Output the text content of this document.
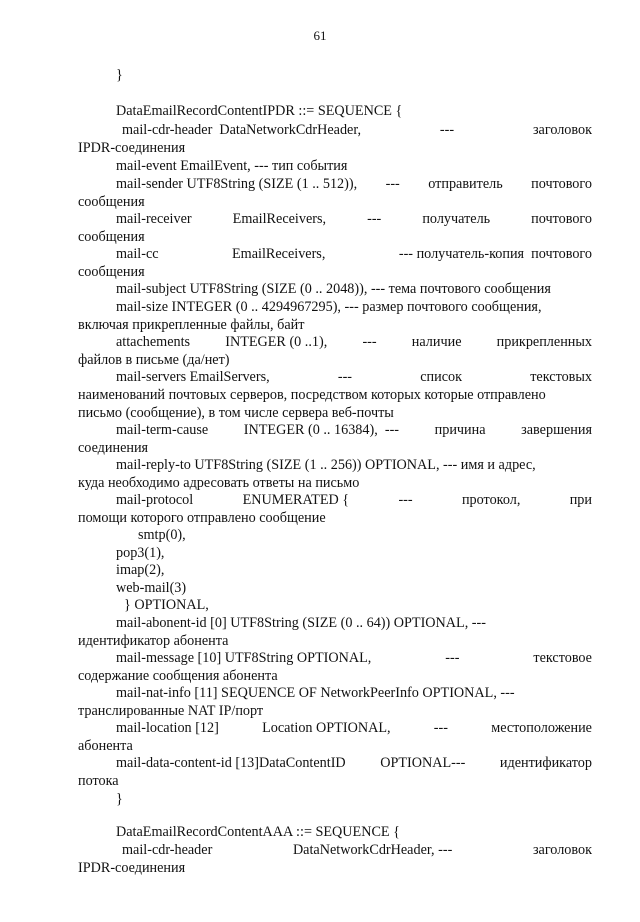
61
}
DataEmailRecordContentIPDR ::= SEQUENCE {
mail-cdr-header  DataNetworkCdrHeader,	---	заголовок
IPDR-соединения
mail-event EmailEvent, --- тип события
mail-sender UTF8String (SIZE (1 .. 512)), --- отправитель почтового
сообщения
mail-receiver	EmailReceivers,	---	получатель	почтового
сообщения
mail-cc	EmailReceivers,	--- получатель-копия  почтового
сообщения
mail-subject UTF8String (SIZE (0 .. 2048)), --- тема почтового сообщения
mail-size INTEGER (0 .. 4294967295), --- размер почтового сообщения,
включая прикрепленные файлы, байт
attachements INTEGER (0 ..1), --- наличие прикрепленных
файлов в письме (да/нет)
mail-servers EmailServers,	---	список	текстовых
наименований почтовых серверов, посредством которых которые отправлено
письмо (сообщение), в том числе сервера веб-почты
mail-term-cause	INTEGER (0 .. 16384),  ---	причина	завершения
соединения
mail-reply-to UTF8String (SIZE (1 .. 256)) OPTIONAL, --- имя и адрес,
куда необходимо адресовать ответы на письмо
mail-protocol	ENUMERATED {	---	протокол,	при
помощи которого отправлено сообщение
smtp(0),
pop3(1),
imap(2),
web-mail(3)
} OPTIONAL,
mail-abonent-id [0] UTF8String (SIZE (0 .. 64)) OPTIONAL, ---
идентификатор абонента
mail-message [10] UTF8String OPTIONAL,	---	текстовое
содержание сообщения абонента
mail-nat-info [11] SEQUENCE OF NetworkPeerInfo OPTIONAL, ---
транслированные NAT IP/порт
mail-location [12]	Location OPTIONAL,	---	местоположение
абонента
mail-data-content-id [13]DataContentID OPTIONAL--- идентификатор
потока
}
DataEmailRecordContentAAA ::= SEQUENCE {
mail-cdr-header	DataNetworkCdrHeader, ---	заголовок
IPDR-соединения
